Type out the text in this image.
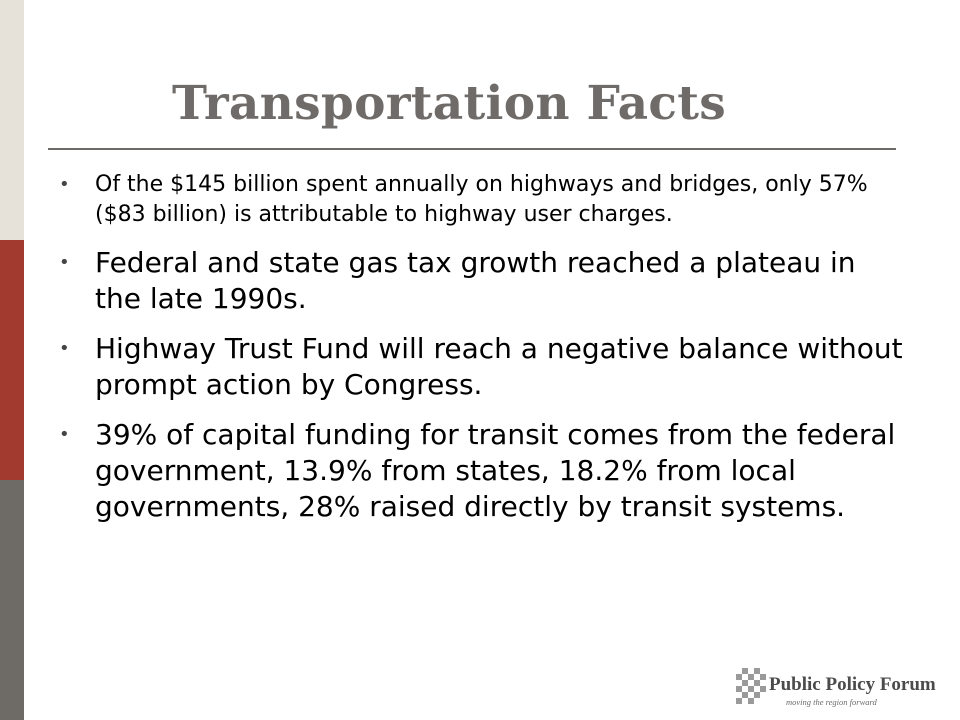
Transportation Facts
• Of the $145 billion spent annually on highways and bridges, only 57% ($83 billion) is attributable to highway user charges.
• Federal and state gas tax growth reached a plateau in the late 1990s.
• Highway Trust Fund will reach a negative balance without prompt action by Congress.
• 39% of capital funding for transit comes from the federal government, 13.9% from states, 18.2% from local governments, 28% raised directly by transit systems.
Public Policy Forum
moving the region forward
